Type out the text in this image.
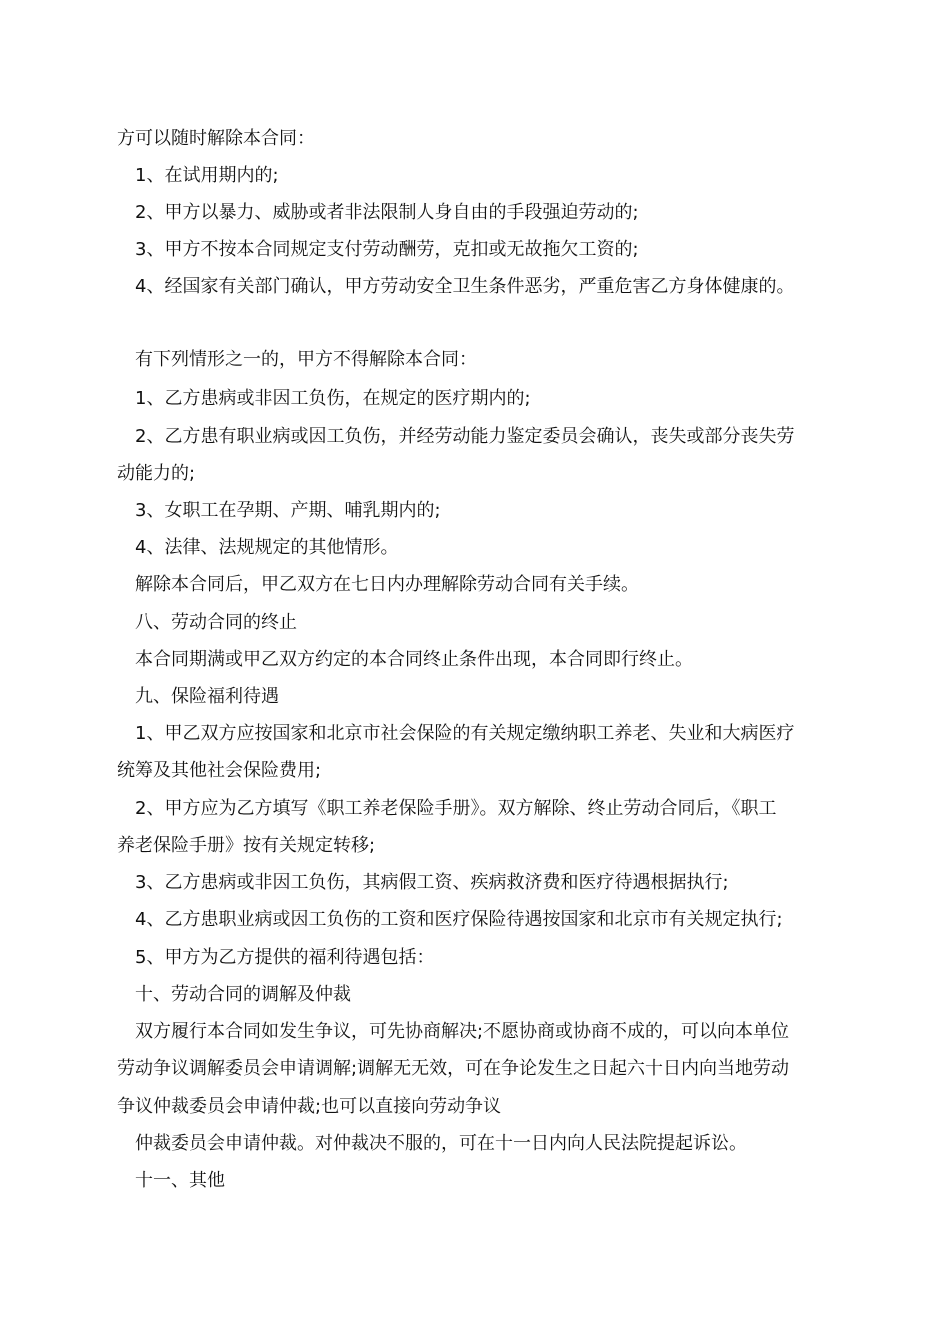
方可以随时解除本合同：
1、在试用期内的;
2、甲方以暴力、威胁或者非法限制人身自由的手段强迫劳动的;
3、甲方不按本合同规定支付劳动酬劳，克扣或无故拖欠工资的;
4、经国家有关部门确认，甲方劳动安全卫生条件恶劣，严重危害乙方身体健康的。
有下列情形之一的，甲方不得解除本合同：
1、乙方患病或非因工负伤，在规定的医疗期内的;
2、乙方患有职业病或因工负伤，并经劳动能力鉴定委员会确认，丧失或部分丧失劳
动能力的;
3、女职工在孕期、产期、哺乳期内的;
4、法律、法规规定的其他情形。
解除本合同后，甲乙双方在七日内办理解除劳动合同有关手续。
八、劳动合同的终止
本合同期满或甲乙双方约定的本合同终止条件出现，本合同即行终止。
九、保险福利待遇
1、甲乙双方应按国家和北京市社会保险的有关规定缴纳职工养老、失业和大病医疗
统筹及其他社会保险费用;
2、甲方应为乙方填写《职工养老保险手册》。双方解除、终止劳动合同后，《职工
养老保险手册》按有关规定转移;
3、乙方患病或非因工负伤，其病假工资、疾病救济费和医疗待遇根据执行;
4、乙方患职业病或因工负伤的工资和医疗保险待遇按国家和北京市有关规定执行;
5、甲方为乙方提供的福利待遇包括：
十、劳动合同的调解及仲裁
双方履行本合同如发生争议，可先协商解决;不愿协商或协商不成的，可以向本单位
劳动争议调解委员会申请调解;调解无无效，可在争论发生之日起六十日内向当地劳动
争议仲裁委员会申请仲裁;也可以直接向劳动争议
仲裁委员会申请仲裁。对仲裁决不服的，可在十一日内向人民法院提起诉讼。
十一、其他
